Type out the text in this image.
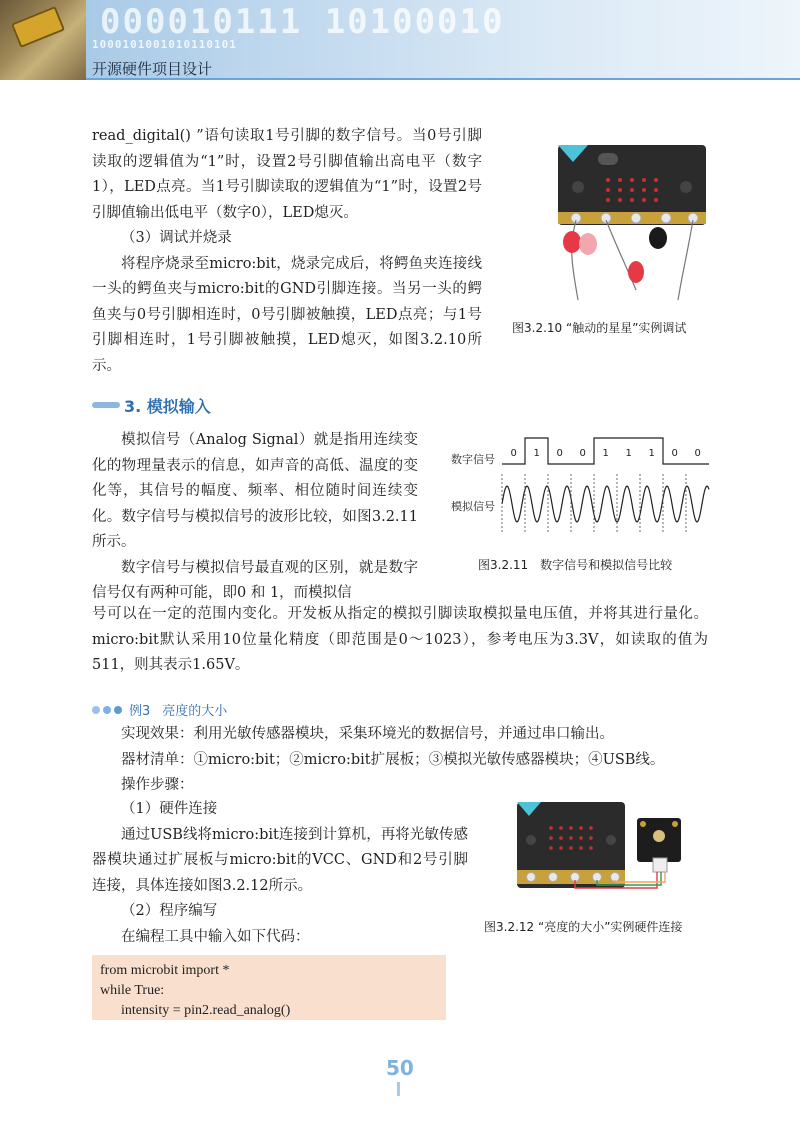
000010111 10100010
1000101001010110101
开源硬件项目设计

read_digital() ”语句读取1号引脚的数字信号。当0号引脚读取的逻辑值为“1”时，设置2号引脚值输出高电平（数字1），LED点亮。当1号引脚读取的逻辑值为“1”时，设置2号引脚值输出低电平（数字0），LED熄灭。

（3）调试并烧录

将程序烧录至micro:bit，烧录完成后，将鳄鱼夹连接线一头的鳄鱼夹与micro:bit的GND引脚连接。当另一头的鳄鱼夹与0号引脚相连时，0号引脚被触摸，LED点亮；与1号引脚相连时，1号引脚被触摸，LED熄灭，如图3.2.10所示。

图3.2.10 “触动的星星”实例调试
3. 模拟输入

模拟信号（Analog Signal）就是指用连续变化的物理量表示的信息，如声音的高低、温度的变化等，其信号的幅度、频率、相位随时间连续变化。数字信号与模拟信号的波形比较，如图3.2.11所示。

数字信号与模拟信号最直观的区别，就是数字信号仅有两种可能，即0 和 1，而模拟信

号可以在一定的范围内变化。开发板从指定的模拟引脚读取模拟量电压值，并将其进行量化。micro:bit默认采用10位量化精度（即范围是0～1023），参考电压为3.3V，如读取的值为511，则其表示1.65V。

数字信号
模拟信号
0 1 0 0 1 1 1 0 0
图3.2.11　数字信号和模拟信号比较
例3 亮度的大小

实现效果：利用光敏传感器模块，采集环境光的数据信号，并通过串口输出。

器材清单：①micro:bit；②micro:bit扩展板；③模拟光敏传感器模块；④USB线。

操作步骤：

（1）硬件连接

通过USB线将micro:bit连接到计算机，再将光敏传感器模块通过扩展板与micro:bit的VCC、GND和2号引脚连接，具体连接如图3.2.12所示。

（2）程序编写

在编程工具中输入如下代码：

图3.2.12 “亮度的大小”实例硬件连接
from microbit import *
while True:
intensity = pin2.read_analog()
50
